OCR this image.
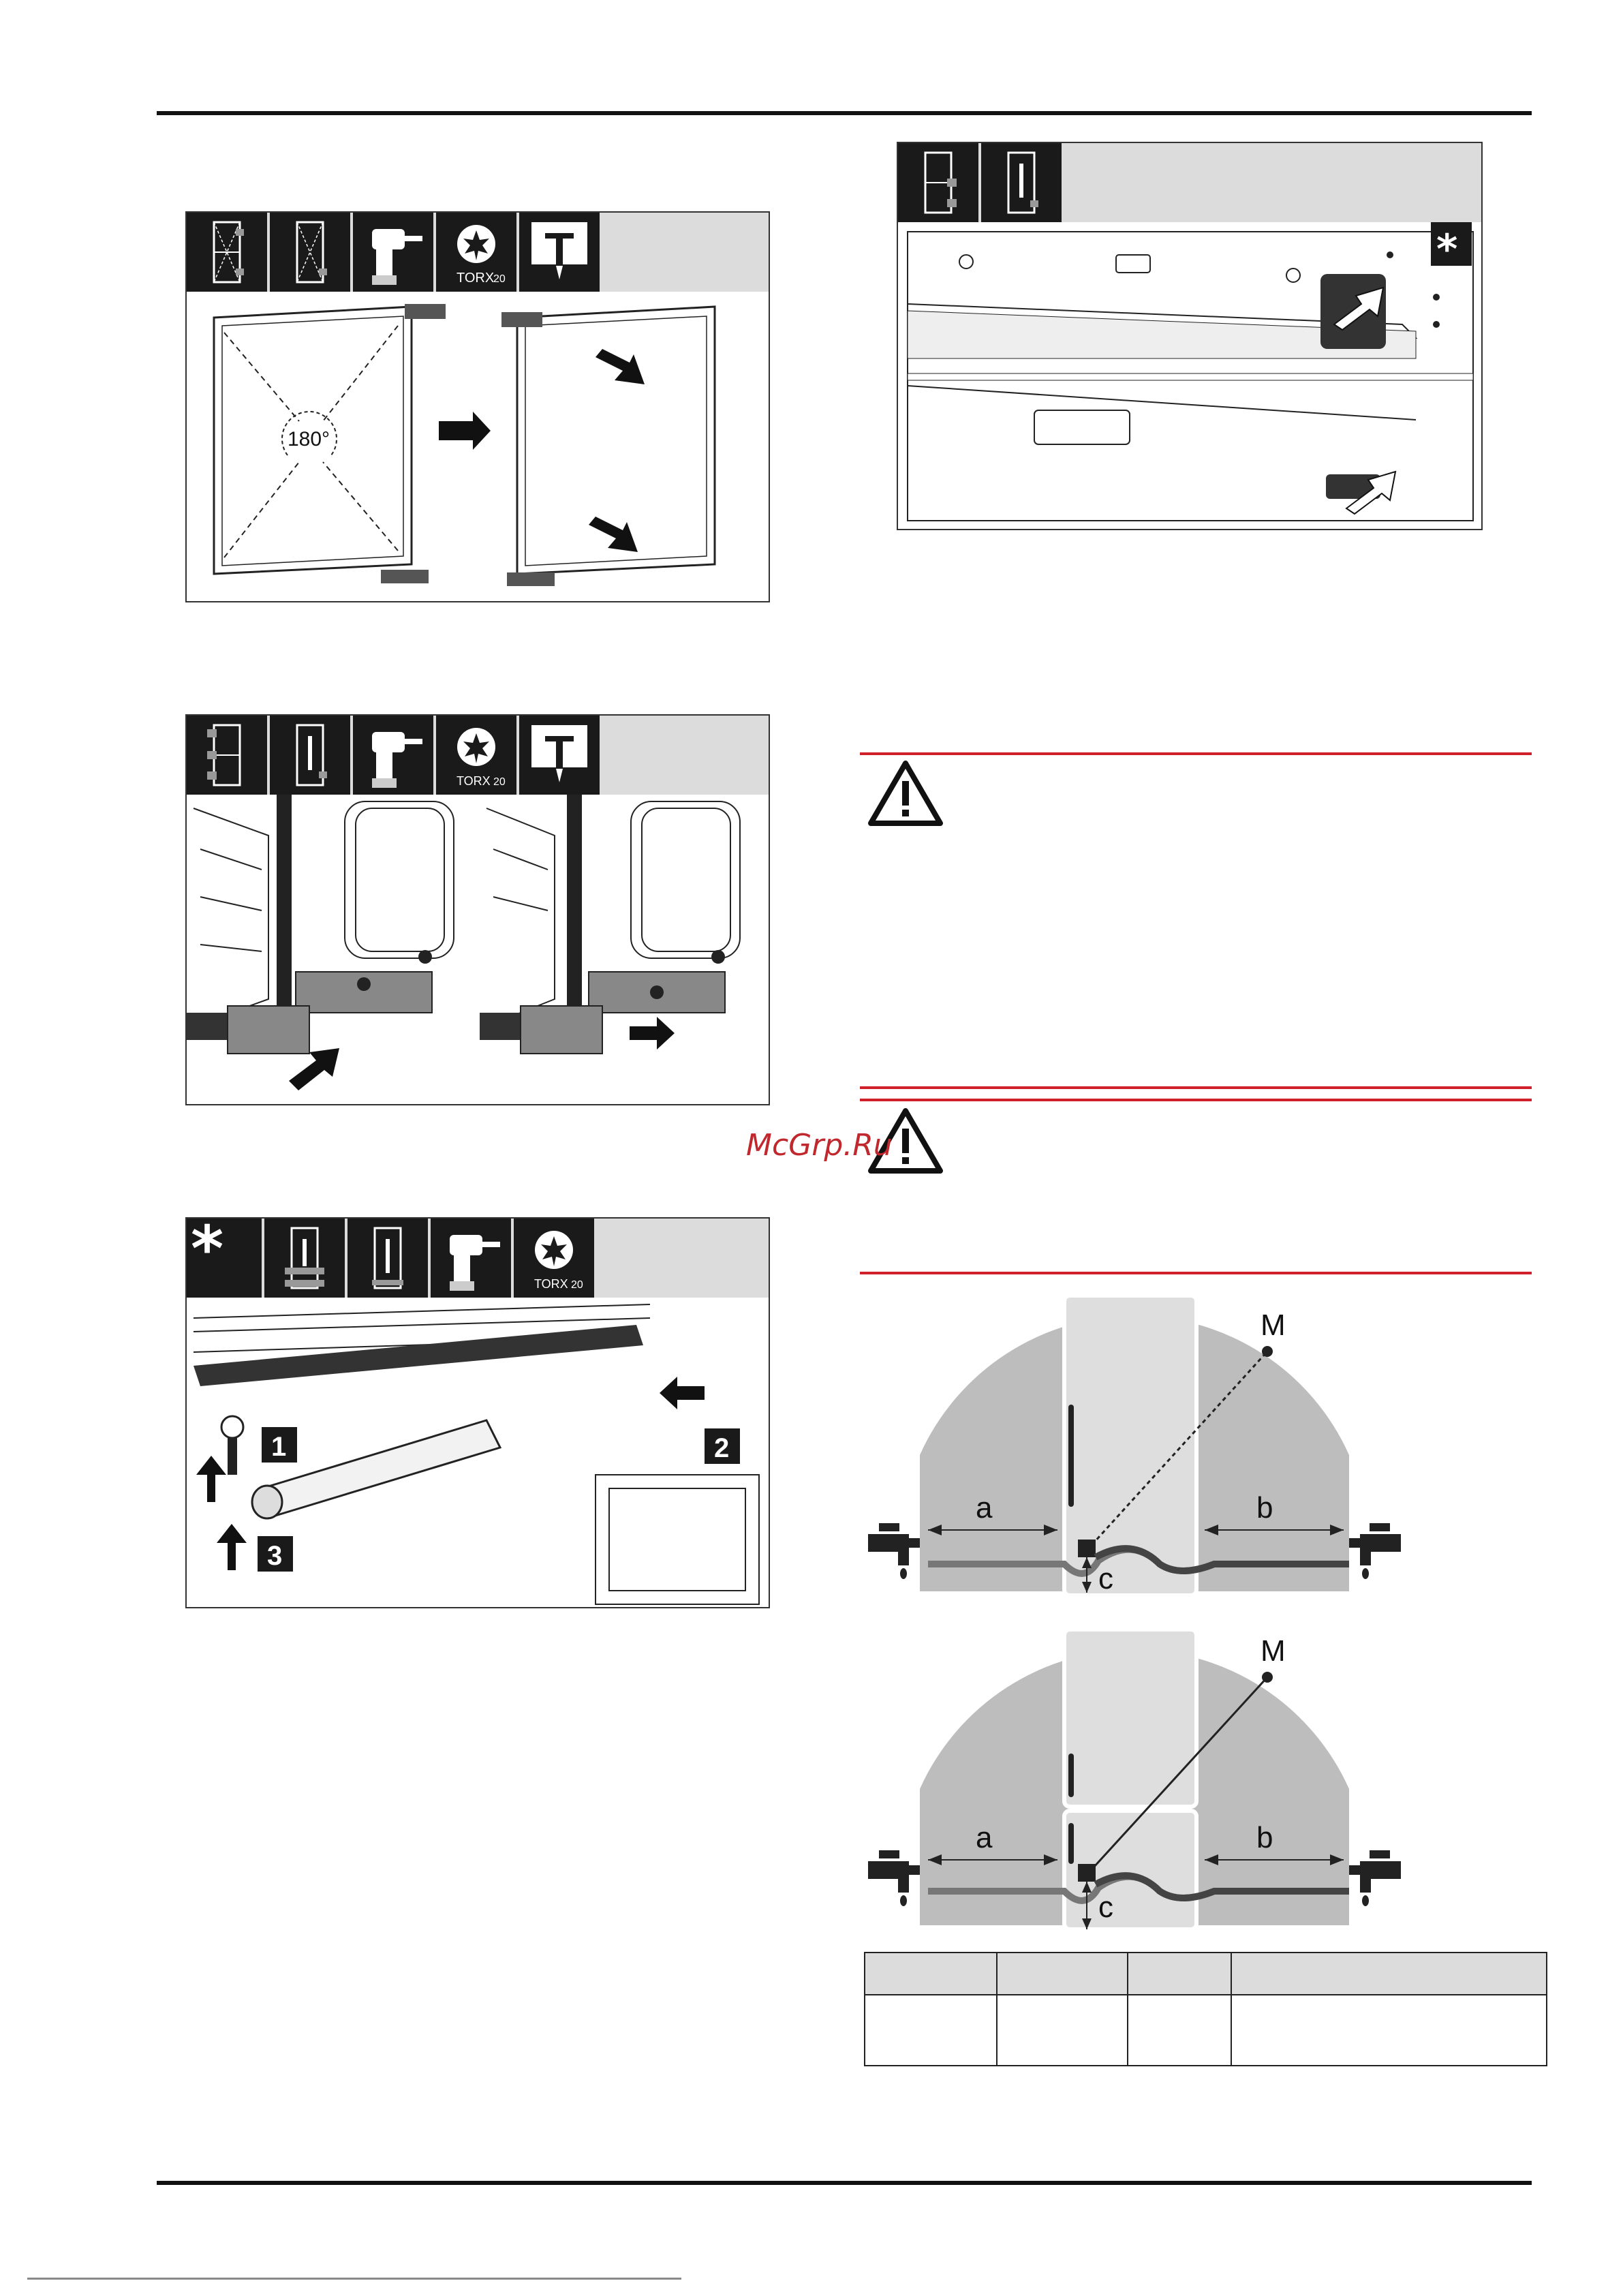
TORX
20
180°
TORX 20
*	TORX 20
1	2
3
*
McGrp.Ru
M
a	b
c
M
a	b
c
